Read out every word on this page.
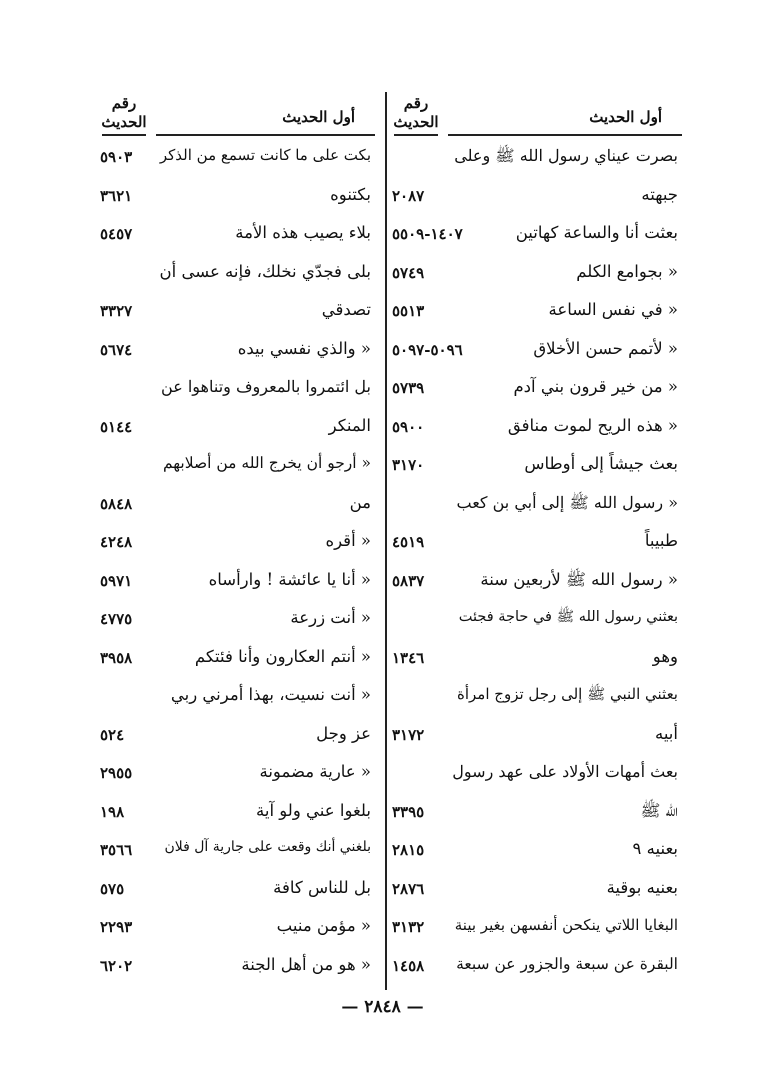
رقم
الحديث	أول الحديث
بصرت عيناي رسول الله ﷺ وعلى
جبهته
٢٠٨٧
بعثت أنا والساعة كهاتين
١٤٠٧-٥٥٠٩
« بجوامع الكلم
٥٧٤٩
« في نفس الساعة
٥٥١٣
« لأتمم حسن الأخلاق
٥٠٩٦-٥٠٩٧
« من خير قرون بني آدم
٥٧٣٩
« هذه الريح لموت منافق
٥٩٠٠
بعث جيشاً إلى أوطاس
٣١٧٠
« رسول الله ﷺ إلى أبي بن كعب
طبيباً
٤٥١٩
« رسول الله ﷺ لأربعين سنة
٥٨٣٧
بعثني رسول الله ﷺ في حاجة فجئت
وهو
١٣٤٦
بعثني النبي ﷺ إلى رجل تزوج امرأة
أبيه
٣١٧٢
بعث أمهات الأولاد على عهد رسول
الله ﷺ
٣٣٩٥
بعنيه ٩
٢٨١٥
بعنيه بوقية
٢٨٧٦
البغايا اللاتي ينكحن أنفسهن بغير بينة
٣١٣٢
البقرة عن سبعة والجزور عن سبعة
١٤٥٨
رقم
الحديث	أول الحديث
بكت على ما كانت تسمع من الذكر
٥٩٠٣
بكتنوه
٣٦٢١
بلاء يصيب هذه الأمة
٥٤٥٧
بلى فجدّي نخلك، فإنه عسى أن
تصدقي
٣٣٢٧
« والذي نفسي بيده
٥٦٧٤
بل ائتمروا بالمعروف وتناهوا عن
المنكر
٥١٤٤
« أرجو أن يخرج الله من أصلابهم
من
٥٨٤٨
« أقره
٤٢٤٨
« أنا يا عائشة ! وارأساه
٥٩٧١
« أنت زرعة
٤٧٧٥
« أنتم العكارون وأنا فئتكم
٣٩٥٨
« أنت نسيت، بهذا أمرني ربي
عز وجل
٥٢٤
« عارية مضمونة
٢٩٥٥
بلغوا عني ولو آية
١٩٨
بلغني أنك وقعت على جارية آل فلان
٣٥٦٦
بل للناس كافة
٥٧٥
« مؤمن منيب
٢٢٩٣
« هو من أهل الجنة
٦٢٠٢
— ٢٨٤٨ —
